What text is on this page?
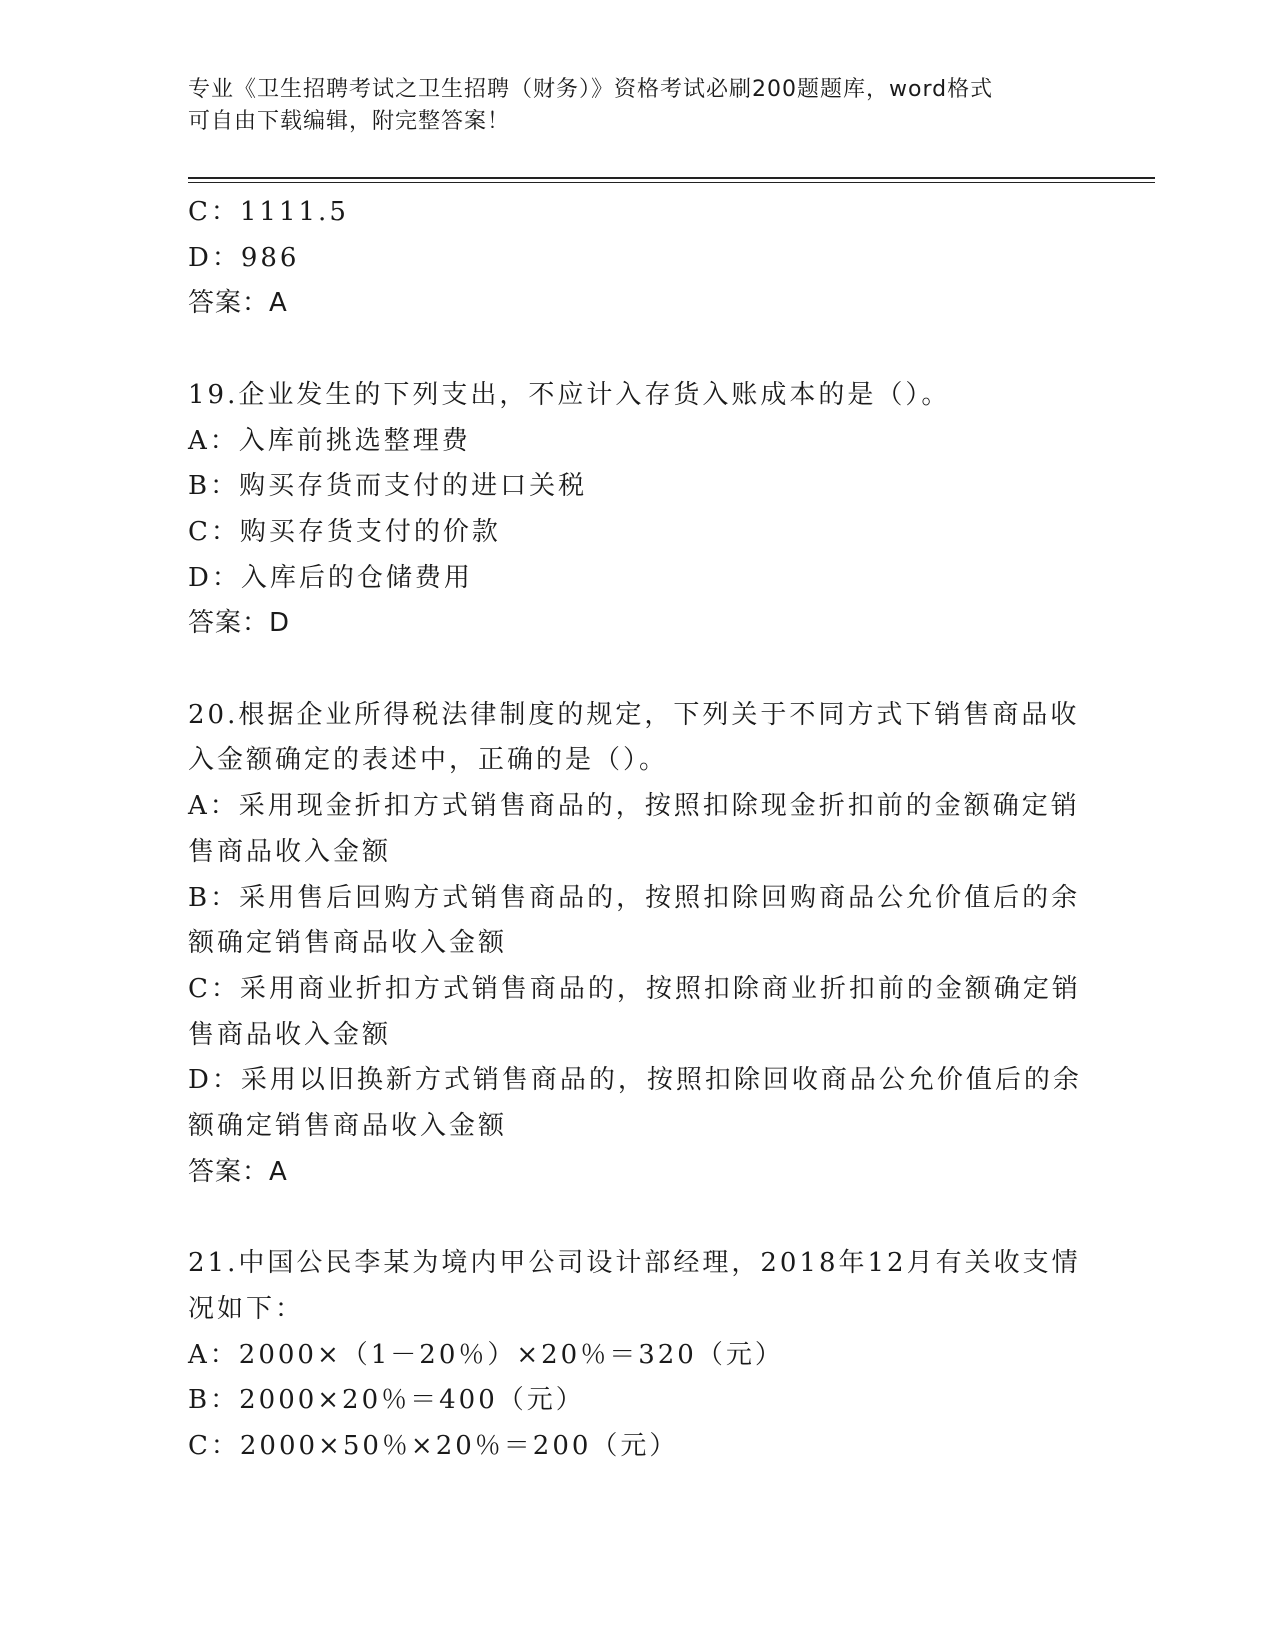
专业《卫生招聘考试之卫生招聘（财务）》资格考试必刷200题题库，word格式
可自由下载编辑，附完整答案！
C：1111.5
D：986
答案：A
19.企业发生的下列支出，不应计入存货入账成本的是（）。
A：入库前挑选整理费
B：购买存货而支付的进口关税
C：购买存货支付的价款
D：入库后的仓储费用
答案：D
20.根据企业所得税法律制度的规定，下列关于不同方式下销售商品收
入金额确定的表述中，正确的是（）。
A：采用现金折扣方式销售商品的，按照扣除现金折扣前的金额确定销
售商品收入金额
B：采用售后回购方式销售商品的，按照扣除回购商品公允价值后的余
额确定销售商品收入金额
C：采用商业折扣方式销售商品的，按照扣除商业折扣前的金额确定销
售商品收入金额
D：采用以旧换新方式销售商品的，按照扣除回收商品公允价值后的余
额确定销售商品收入金额
答案：A
21.中国公民李某为境内甲公司设计部经理，2018年12月有关收支情
况如下：
A：2000×（1－20％）×20％＝320（元）
B：2000×20％＝400（元）
C：2000×50％×20％＝200（元）
